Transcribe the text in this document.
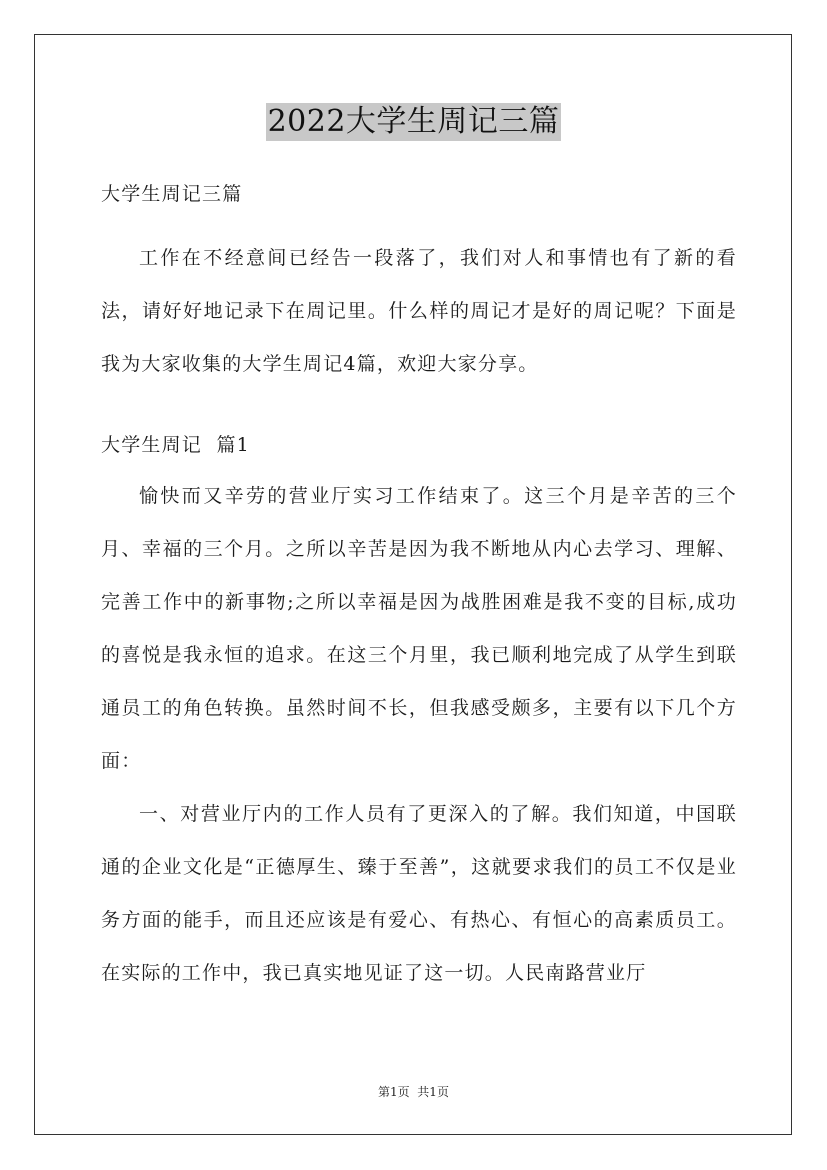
2022大学生周记三篇

大学生周记三篇

工作在不经意间已经告一段落了，我们对人和事情也有了新的看法，请好好地记录下在周记里。什么样的周记才是好的周记呢？下面是我为大家收集的大学生周记4篇，欢迎大家分享。

大学生周记  篇1

愉快而又辛劳的营业厅实习工作结束了。这三个月是辛苦的三个月、幸福的三个月。之所以辛苦是因为我不断地从内心去学习、理解、完善工作中的新事物;之所以幸福是因为战胜困难是我不变的目标,成功的喜悦是我永恒的追求。在这三个月里，我已顺利地完成了从学生到联通员工的角色转换。虽然时间不长，但我感受颇多，主要有以下几个方面：

一、对营业厅内的工作人员有了更深入的了解。我们知道，中国联通的企业文化是“正德厚生、臻于至善”，这就要求我们的员工不仅是业务方面的能手，而且还应该是有爱心、有热心、有恒心的高素质员工。在实际的工作中，我已真实地见证了这一切。人民南路营业厅

第1页  共1页
